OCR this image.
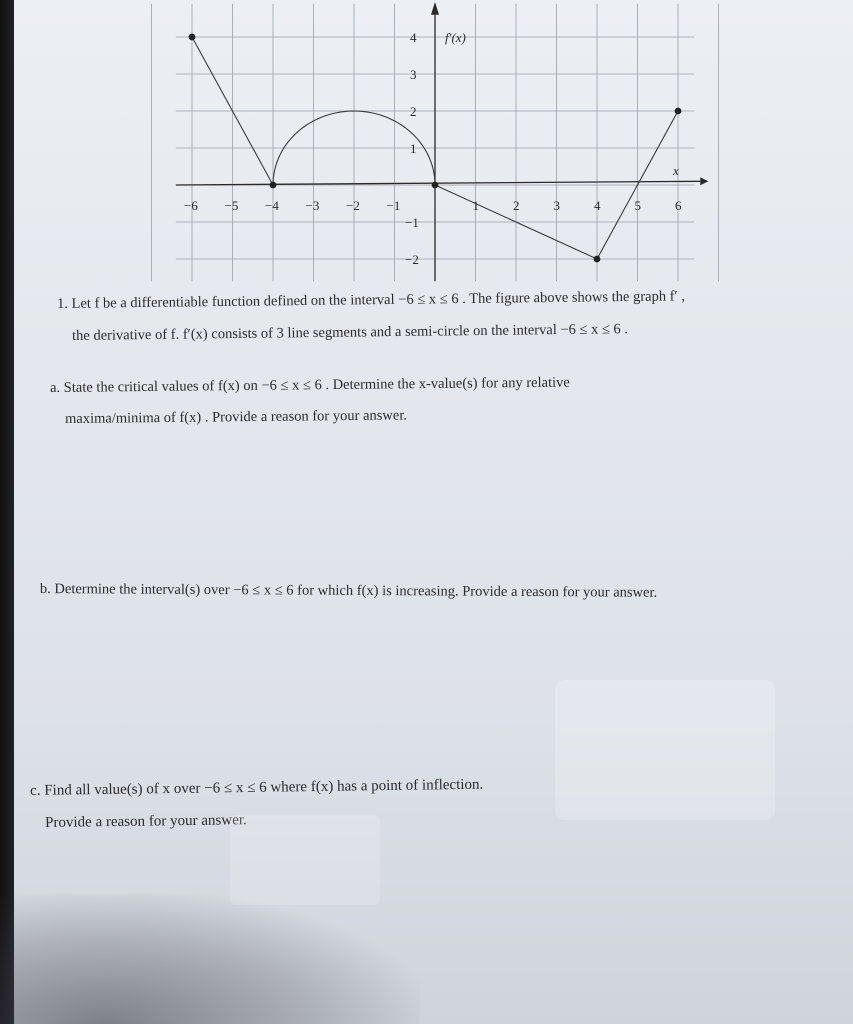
−6 −5 −4 −3 −2 −1	1	2	3	4	5	6
4
3
2
1
−1
−2
f′(x)
x
1. Let f be a differentiable function defined on the interval −6 ≤ x ≤ 6 . The figure above shows the graph f′ ,
the derivative of f. f′(x) consists of 3 line segments and a semi-circle on the interval −6 ≤ x ≤ 6 .
a. State the critical values of f(x) on −6 ≤ x ≤ 6 . Determine the x-value(s) for any relative
maxima/minima of f(x) . Provide a reason for your answer.
b. Determine the interval(s) over −6 ≤ x ≤ 6 for which f(x) is increasing. Provide a reason for your answer.
c. Find all value(s) of x over −6 ≤ x ≤ 6 where f(x) has a point of inflection.
Provide a reason for your answer.
